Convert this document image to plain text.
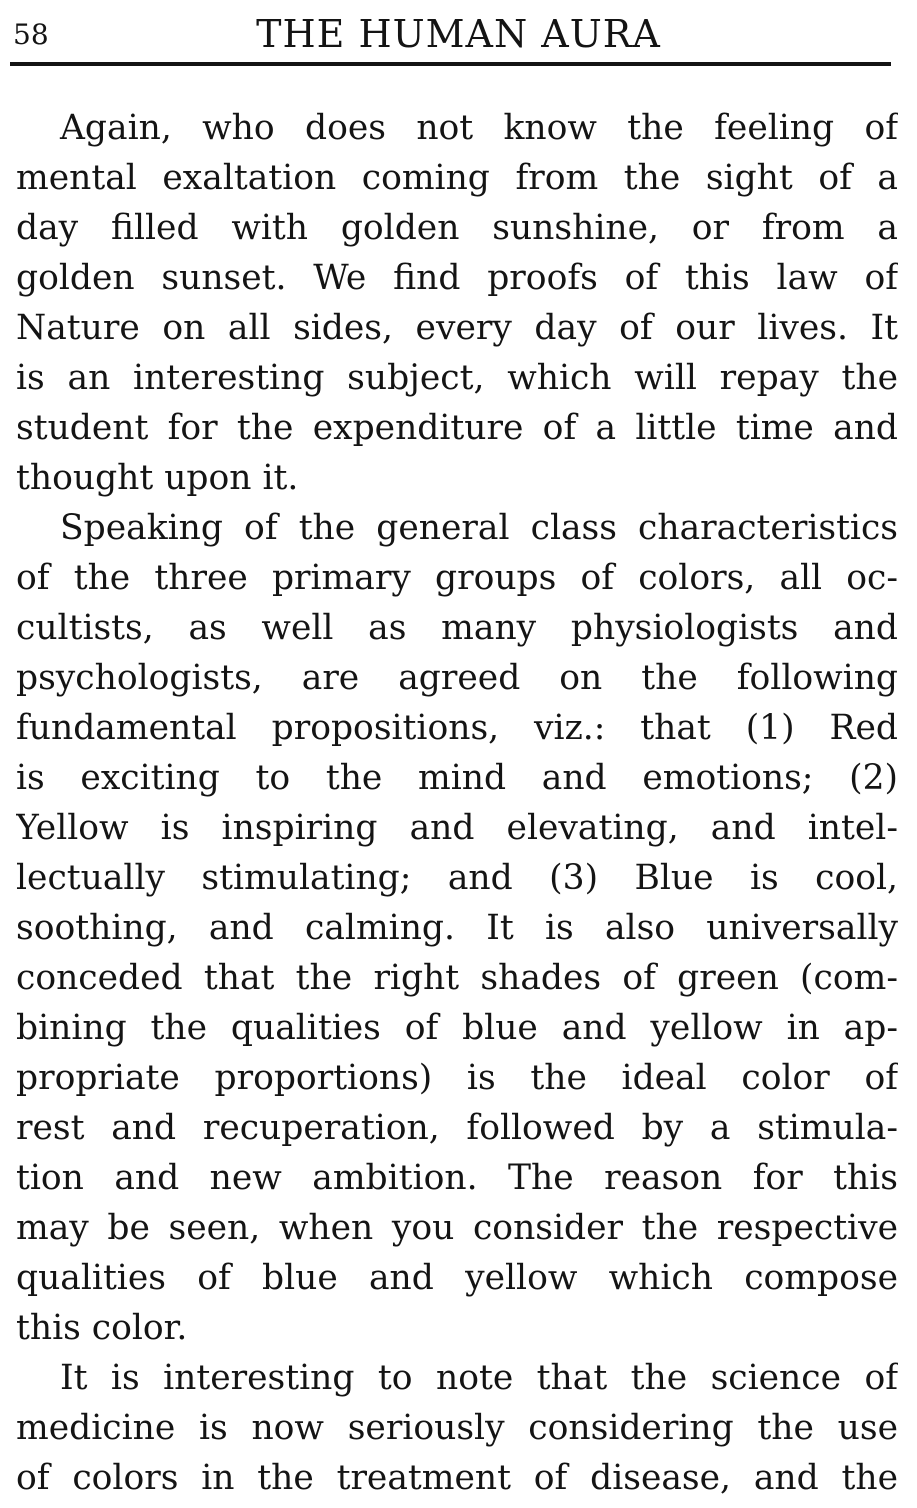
58	THE HUMAN AURA
Again, who does not know the feeling of
mental exaltation coming from the sight of a
day filled with golden sunshine, or from a
golden sunset. We find proofs of this law of
Nature on all sides, every day of our lives. It
is an interesting subject, which will repay the
student for the expenditure of a little time and
thought upon it.
Speaking of the general class characteristics
of the three primary groups of colors, all oc-
cultists, as well as many physiologists and
psychologists, are agreed on the following
fundamental propositions, viz.: that (1) Red
is exciting to the mind and emotions; (2)
Yellow is inspiring and elevating, and intel-
lectually stimulating; and (3) Blue is cool,
soothing, and calming. It is also universally
conceded that the right shades of green (com-
bining the qualities of blue and yellow in ap-
propriate proportions) is the ideal color of
rest and recuperation, followed by a stimula-
tion and new ambition. The reason for this
may be seen, when you consider the respective
qualities of blue and yellow which compose
this color.
It is interesting to note that the science of
medicine is now seriously considering the use
of colors in the treatment of disease, and the
